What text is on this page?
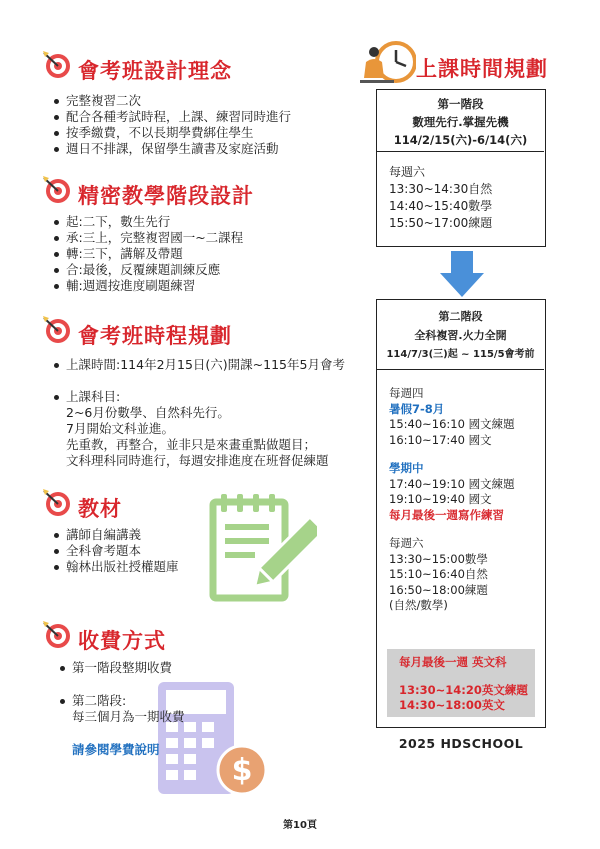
會考班設計理念
完整複習二次
配合各種考試時程，上課、練習同時進行
按季繳費，不以長期學費綁住學生
週日不排課，保留學生讀書及家庭活動
精密教學階段設計
起:二下，數生先行
承:三上，完整複習國一~二課程
轉:三下，講解及帶題
合:最後，反覆練題訓練反應
輔:週週按進度刷題練習
會考班時程規劃
上課時間:114年2月15日(六)開課~115年5月會考
上課科目:
2~6月份數學、自然科先行。
7月開始文科並進。
先重教，再整合，並非只是來畫重點做題目；
文科理科同時進行，每週安排進度在班督促練題
教材
講師自編講義
全科會考題本
翰林出版社授權題庫
$
收費方式
第一階段整期收費
第二階段:
每三個月為一期收費
請參閱學費說明
上課時間規劃
第一階段
數理先行.掌握先機
114/2/15(六)-6/14(六)
每週六
13:30~14:30自然
14:40~15:40數學
15:50~17:00練題
第二階段
全科複習.火力全開
114/7/3(三)起 ~ 115/5會考前
每週四
暑假7-8月
15:40~16:10 國文練題
16:10~17:40 國文
學期中
17:40~19:10 國文練題
19:10~19:40 國文
每月最後一週寫作練習
每週六
13:30~15:00數學
15:10~16:40自然
16:50~18:00練題
(自然/數學)
每月最後一週 英文科
13:30~14:20英文練題
14:30~18:00英文
2025 HDSCHOOL
第10頁
